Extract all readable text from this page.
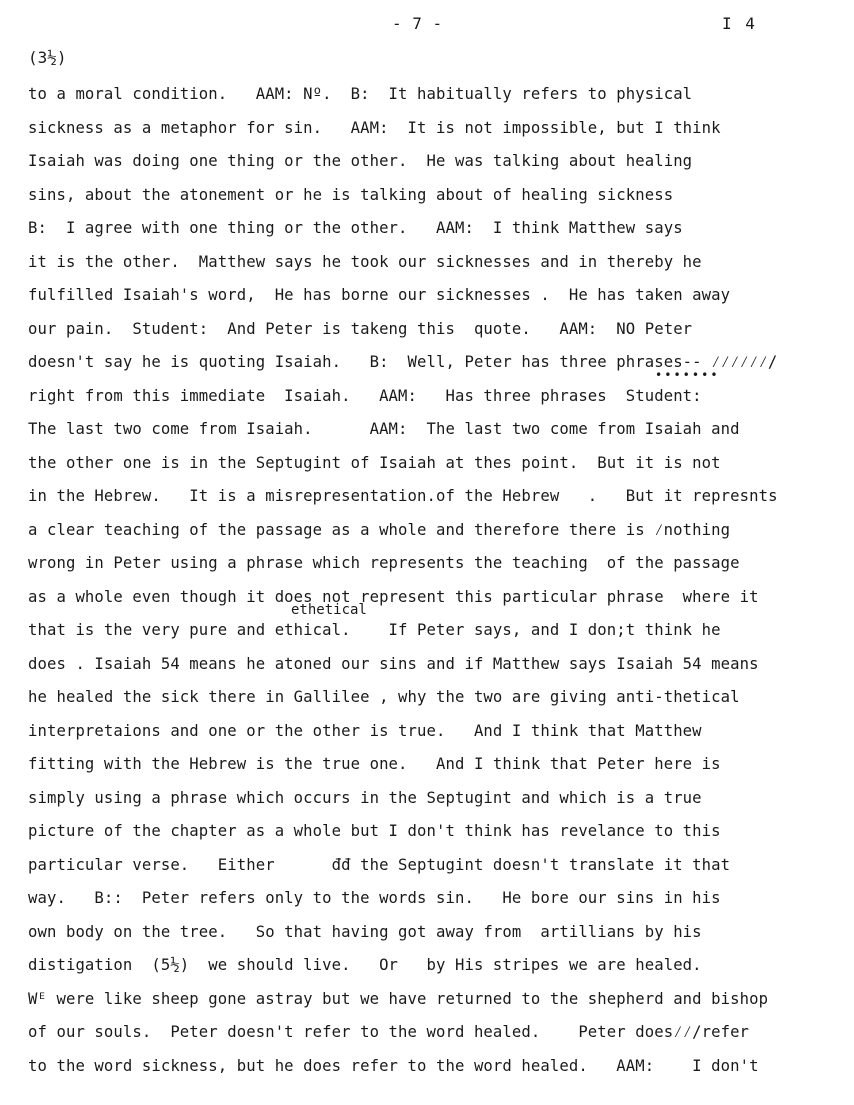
- 7 -	I 4
(3½)
ethetical
•••••••
to a moral condition.   AAM: Nº.  B:  It habitually refers to physical
sickness as a metaphor for sin.   AAM:  It is not impossible, but I think
Isaiah was doing one thing or the other.  He was talking about healing
sins, about the atonement or he is talking about of healing sickness
B:  I agree with one thing or the other.   AAM:  I think Matthew says
it is the other.  Matthew says he took our sicknesses and in thereby he
fulfilled Isaiah's word,  He has borne our sicknesses .  He has taken away
our pain.  Student:  And Peter is takeng this  quote.   AAM:  NO Peter
doesn't say he is quoting Isaiah.   B:  Well, Peter has three phrases-- ⁄⁄⁄⁄⁄⁄/
right from this immediate  Isaiah.   AAM:   Has three phrases  Student:
The last two come from Isaiah.      AAM:  The last two come from Isaiah and
the other one is in the Septugint of Isaiah at thes point.  But it is not
in the Hebrew.   It is a misrepresentation.of the Hebrew   .   But it represnts
a clear teaching of the passage as a whole and therefore there is ⁄nothing
wrong in Peter using a phrase which represents the teaching  of the passage
as a whole even though it does not represent this particular phrase  where it
that is the very pure and ethical.    If Peter says, and I don;t think he
does . Isaiah 54 means he atoned our sins and if Matthew says Isaiah 54 means
he healed the sick there in Gallilee , why the two are giving anti-thetical
interpretaions and one or the other is true.   And I think that Matthew
fitting with the Hebrew is the true one.   And I think that Peter here is
simply using a phrase which occurs in the Septugint and which is a true
picture of the chapter as a whole but I don't think has revelance to this
particular verse.   Either      đđ the Septugint doesn't translate it that
way.   B::  Peter refers only to the words sin.   He bore our sins in his
own body on the tree.   So that having got away from  artillians by his
distigation  (5½)  we should live.   Or   by His stripes we are healed.
Wᴱ were like sheep gone astray but we have returned to the shepherd and bishop
of our souls.  Peter doesn't refer to the word healed.    Peter does⁄⁄/refer
to the word sickness, but he does refer to the word healed.   AAM:    I don't
